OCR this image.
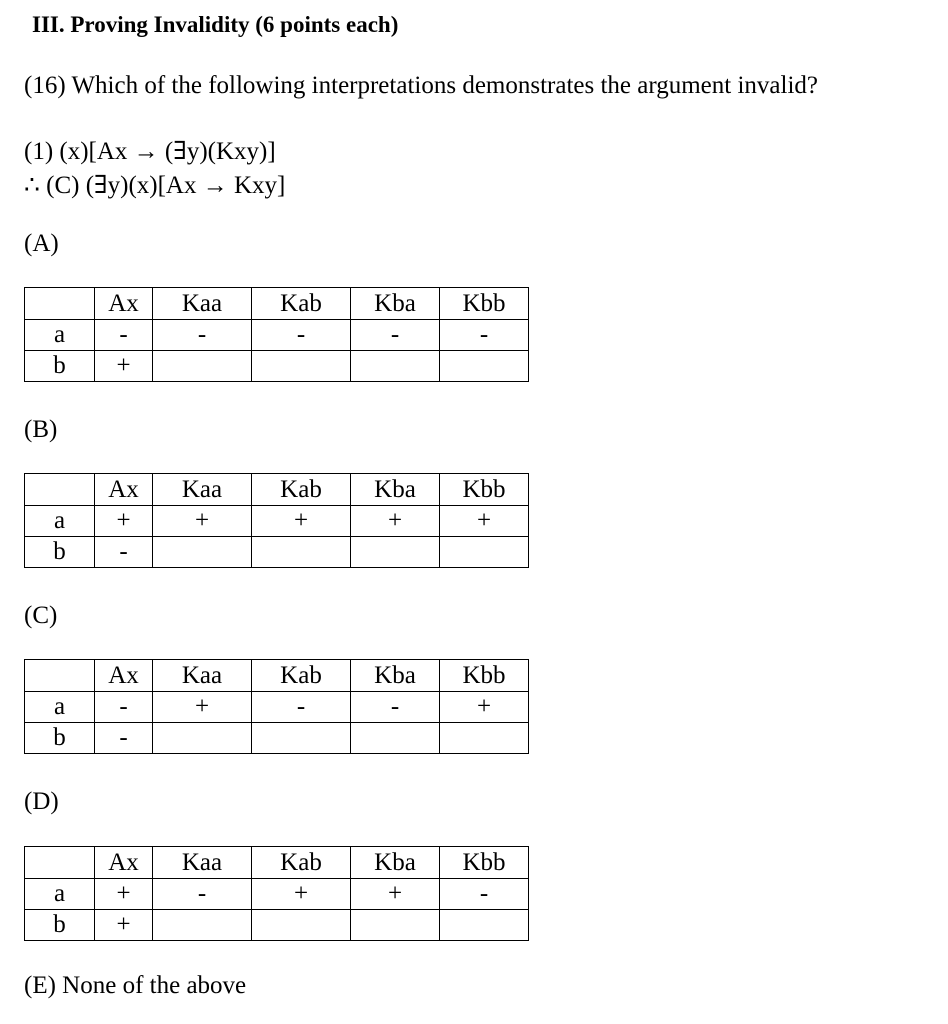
III. Proving Invalidity (6 points each)
(16) Which of the following interpretations demonstrates the argument invalid?
(1) (x)[Ax → (∃y)(Kxy)]
∴ (C) (∃y)(x)[Ax → Kxy]
(A)
	Ax	Kaa	Kab	Kba	Kbb
a	-	-	-	-	-
b	+				
(B)
	Ax	Kaa	Kab	Kba	Kbb
a	+	+	+	+	+
b	-				
(C)
	Ax	Kaa	Kab	Kba	Kbb
a	-	+	-	-	+
b	-				
(D)
	Ax	Kaa	Kab	Kba	Kbb
a	+	-	+	+	-
b	+				
(E) None of the above
